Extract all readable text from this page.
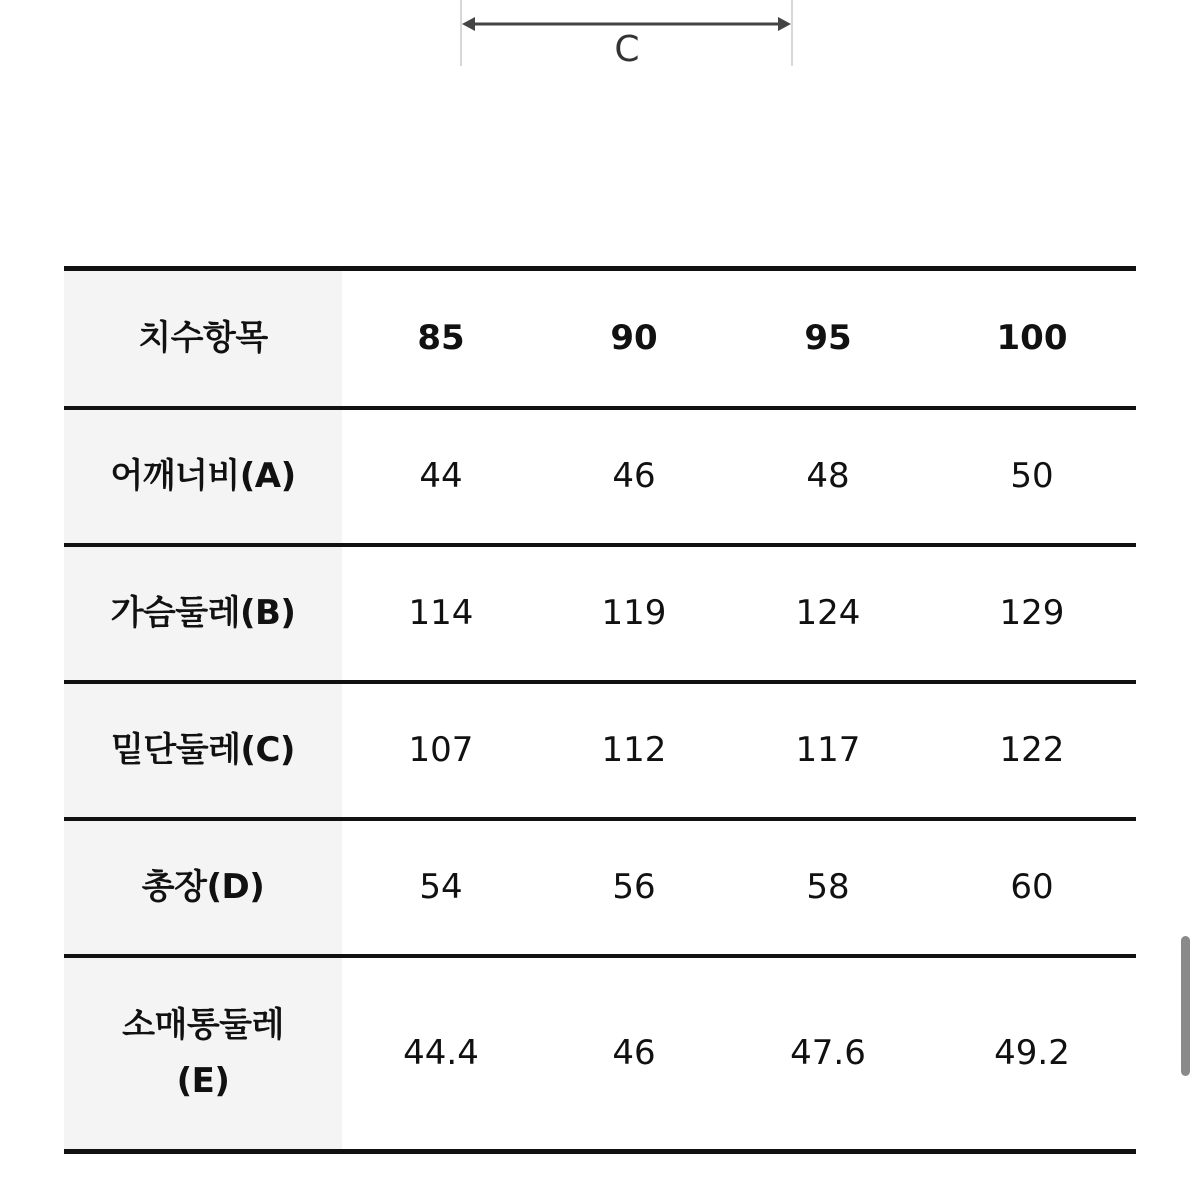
C
치수항목	85	90	95	100
어깨너비(A)	44	46	48	50
가슴둘레(B)	114	119	124	129
밑단둘레(C)	107	112	117	122
총장(D)	54	56	58	60
소매통둘레
(E)	44.4	46	47.6	49.2
